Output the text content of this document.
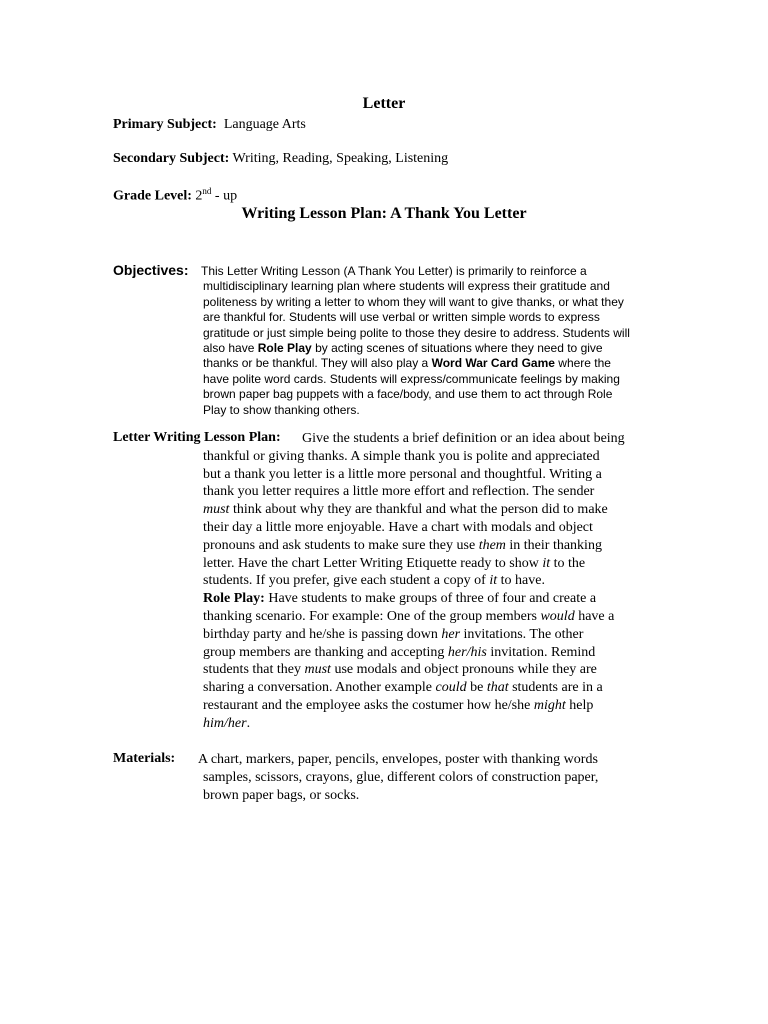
Letter
Primary Subject: Language Arts
Secondary Subject: Writing, Reading, Speaking, Listening
Grade Level: 2nd - up
Writing Lesson Plan: A Thank You Letter
Objectives: This Letter Writing Lesson (A Thank You Letter) is primarily to reinforce a
multidisciplinary learning plan where students will express their gratitude and
politeness by writing a letter to whom they will want to give thanks, or what they
are thankful for. Students will use verbal or written simple words to express
gratitude or just simple being polite to those they desire to address. Students will
also have Role Play by acting scenes of situations where they need to give
thanks or be thankful. They will also play a Word War Card Game where the
have polite word cards. Students will express/communicate feelings by making
brown paper bag puppets with a face/body, and use them to act through Role
Play to show thanking others.
Letter Writing Lesson Plan: Give the students a brief definition or an idea about being
thankful or giving thanks. A simple thank you is polite and appreciated
but a thank you letter is a little more personal and thoughtful. Writing a
thank you letter requires a little more effort and reflection. The sender
must think about why they are thankful and what the person did to make
their day a little more enjoyable. Have a chart with modals and object
pronouns and ask students to make sure they use them in their thanking
letter. Have the chart Letter Writing Etiquette ready to show it to the
students. If you prefer, give each student a copy of it to have.
Role Play: Have students to make groups of three of four and create a
thanking scenario. For example: One of the group members would have a
birthday party and he/she is passing down her invitations. The other
group members are thanking and accepting her/his invitation. Remind
students that they must use modals and object pronouns while they are
sharing a conversation. Another example could be that students are in a
restaurant and the employee asks the costumer how he/she might help
him/her.
Materials: A chart, markers, paper, pencils, envelopes, poster with thanking words
samples, scissors, crayons, glue, different colors of construction paper,
brown paper bags, or socks.
